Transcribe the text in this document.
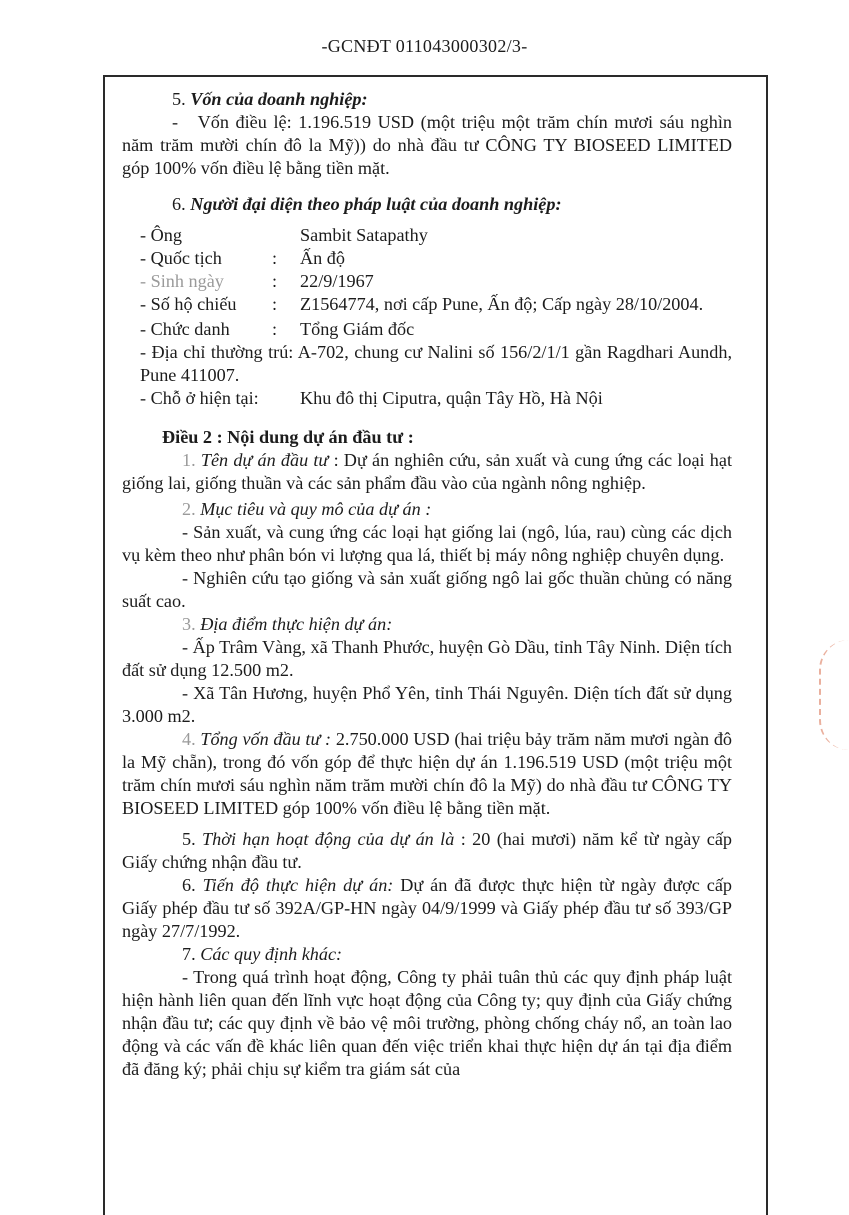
-GCNĐT 011043000302/3-

5. Vốn của doanh nghiệp:

-   Vốn điều lệ: 1.196.519 USD (một triệu một trăm chín mươi sáu nghìn năm trăm mười chín đô la Mỹ)) do nhà đầu tư CÔNG TY BIOSEED LIMITED góp 100% vốn điều lệ bằng tiền mặt.

6. Người đại diện theo pháp luật của doanh nghiệp:

- Ông	Sambit Satapathy
- Quốc tịch	:	Ấn độ
- Sinh ngày	:	22/9/1967
- Số hộ chiếu	:	Z1564774, nơi cấp Pune, Ấn độ; Cấp ngày 28/10/2004.
- Chức danh	:	Tổng Giám đốc

- Địa chỉ thường trú: A-702, chung cư Nalini số 156/2/1/1 gần Ragdhari Aundh, Pune 411007.

- Chỗ ở hiện tại:	Khu đô thị Ciputra, quận Tây Hồ, Hà Nội

Điều 2 : Nội dung dự án đầu tư :

1. Tên dự án đầu tư : Dự án nghiên cứu, sản xuất và cung ứng các loại hạt giống lai, giống thuần và các sản phẩm đầu vào của ngành nông nghiệp.

2. Mục tiêu và quy mô của dự án :

- Sản xuất, và cung ứng các loại hạt giống lai (ngô, lúa, rau) cùng các dịch vụ kèm theo như phân bón vi lượng qua lá, thiết bị máy nông nghiệp chuyên dụng.

- Nghiên cứu tạo giống và sản xuất giống ngô lai gốc thuần chủng có năng suất cao.

3. Địa điểm thực hiện dự án:

- Ấp Trâm Vàng, xã Thanh Phước, huyện Gò Dầu, tỉnh Tây Ninh. Diện tích đất sử dụng 12.500 m2.

- Xã Tân Hương, huyện Phổ Yên, tỉnh Thái Nguyên. Diện tích đất sử dụng 3.000 m2.

4. Tổng vốn đầu tư : 2.750.000 USD (hai triệu bảy trăm năm mươi ngàn đô la Mỹ chẵn), trong đó vốn góp để thực hiện dự án 1.196.519 USD (một triệu một trăm chín mươi sáu nghìn năm trăm mười chín đô la Mỹ) do nhà đầu tư CÔNG TY BIOSEED LIMITED góp 100% vốn điều lệ bằng tiền mặt.

5. Thời hạn hoạt động của dự án là : 20 (hai mươi) năm kể từ ngày cấp Giấy chứng nhận đầu tư.

6. Tiến độ thực hiện dự án: Dự án đã được thực hiện từ ngày được cấp Giấy phép đầu tư số 392A/GP-HN ngày 04/9/1999 và Giấy phép đầu tư số 393/GP ngày 27/7/1992.

7. Các quy định khác:

- Trong quá trình hoạt động, Công ty phải tuân thủ các quy định pháp luật hiện hành liên quan đến lĩnh vực hoạt động của Công ty; quy định của Giấy chứng nhận đầu tư; các quy định về bảo vệ môi trường, phòng chống cháy nổ, an toàn lao động và các vấn đề khác liên quan đến việc triển khai thực hiện dự án tại địa điểm đã đăng ký; phải chịu sự kiểm tra giám sát của
